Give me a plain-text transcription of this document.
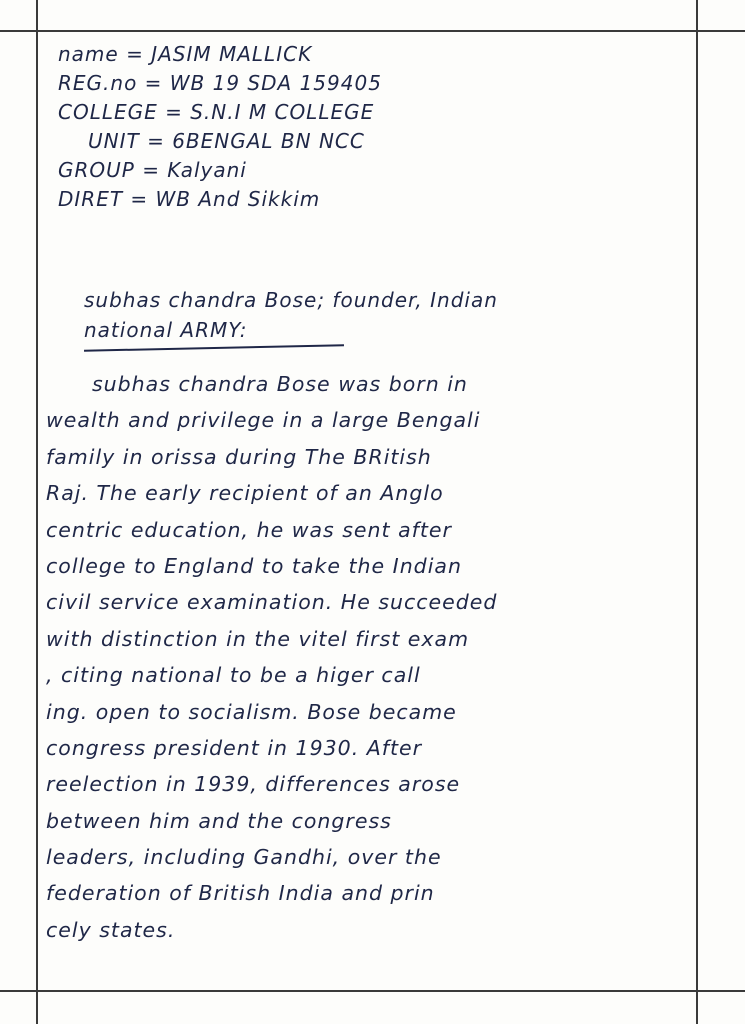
name = JASIM MALLICK
REG.no = WB 19 SDA 159405
COLLEGE = S.N.I M COLLEGE
UNIT = 6BENGAL BN NCC
GROUP = Kalyani
DIRET = WB And Sikkim
subhas chandra Bose; founder, Indian
national ARMY:
subhas chandra Bose was born in
wealth and privilege in a large Bengali
family in orissa during The BRitish
Raj. The early recipient of an Anglo
centric education, he was sent after
college to England to take the Indian
civil service examination. He succeeded
with distinction in the vitel first exam
, citing national to be a higer call
ing. open to socialism. Bose became
congress president in 1930. After
reelection in 1939, differences arose
between him and the congress
leaders, including Gandhi, over the
federation of British India and prin
cely states.
